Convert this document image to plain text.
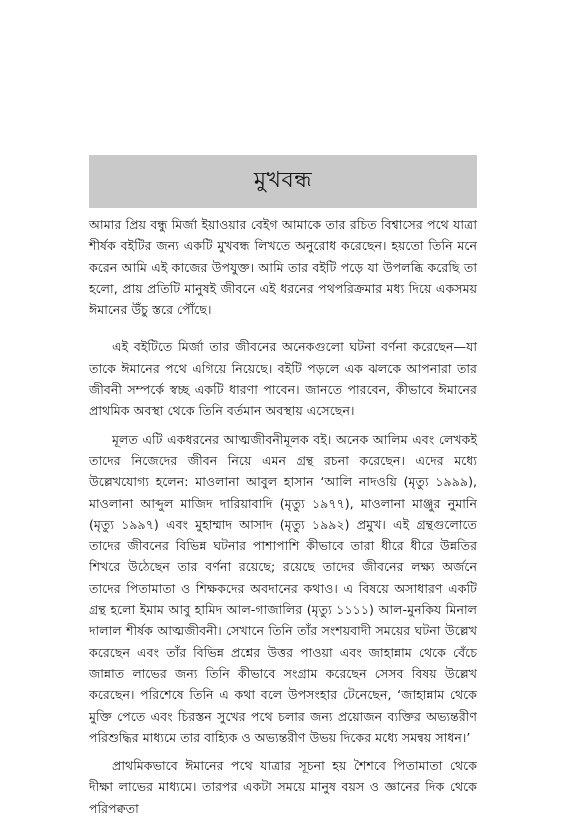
মুখবন্ধ

আমার প্রিয় বন্ধু মির্জা ইয়াওয়ার বেইগ আমাকে তার রচিত বিশ্বাসের পথে যাত্রা শীর্ষক বইটির জন্য একটি মুখবন্ধ লিখতে অনুরোধ করেছেন। হয়তো তিনি মনে করেন আমি এই কাজের উপযুক্ত। আমি তার বইটি পড়ে যা উপলব্ধি করেছি তা হলো, প্রায় প্রতিটি মানুষই জীবনে এই ধরনের পথপরিক্রমার মধ্য দিয়ে একসময় ঈমানের উঁচু স্তরে পৌঁছে।

এই বইটিতে মির্জা তার জীবনের অনেকগুলো ঘটনা বর্ণনা করেছেন—যা তাকে ঈমানের পথে এগিয়ে নিয়েছে। বইটি পড়লে এক ঝলকে আপনারা তার জীবনী সম্পর্কে স্বচ্ছ একটি ধারণা পাবেন। জানতে পারবেন, কীভাবে ঈমানের প্রাথমিক অবস্থা থেকে তিনি বর্তমান অবস্থায় এসেছেন।

মূলত এটি একধরনের আত্মজীবনীমূলক বই। অনেক আলিম এবং লেখকই তাদের নিজেদের জীবন নিয়ে এমন গ্রন্থ রচনা করেছেন। এদের মধ্যে উল্লেখযোগ্য হলেন: মাওলানা আবুল হাসান ‘আলি নাদওয়ি (মৃত্যু ১৯৯৯), মাওলানা আব্দুল মাজিদ দারিয়াবাদি (মৃত্যু ১৯৭৭), মাওলানা মাঞ্জুর নুমানি (মৃত্যু ১৯৯৭) এবং মুহাম্মাদ আসাদ (মৃত্যু ১৯৯২) প্রমুখ। এই গ্রন্থগুলোতে তাদের জীবনের বিভিন্ন ঘটনার পাশাপাশি কীভাবে তারা ধীরে ধীরে উন্নতির শিখরে উঠেছেন তার বর্ণনা রয়েছে; রয়েছে তাদের জীবনের লক্ষ্য অর্জনে তাদের পিতামাতা ও শিক্ষকদের অবদানের কথাও। এ বিষয়ে অসাধারণ একটি গ্রন্থ হলো ইমাম আবু হামিদ আল-গাজালির (মৃত্যু ১১১১) আল-মুনকিয মিনাল দালাল শীর্ষক আত্মজীবনী। সেখানে তিনি তাঁর সংশয়বাদী সময়ের ঘটনা উল্লেখ করেছেন এবং তাঁর বিভিন্ন প্রশ্নের উত্তর পাওয়া এবং জাহান্নাম থেকে বেঁচে জান্নাত লাভের জন্য তিনি কীভাবে সংগ্রাম করেছেন সেসব বিষয় উল্লেখ করেছেন। পরিশেষে তিনি এ কথা বলে উপসংহার টেনেছেন, ‘জাহান্নাম থেকে মুক্তি পেতে এবং চিরস্তন সুখের পথে চলার জন্য প্রয়োজন ব্যক্তির অভ্যন্তরীণ পরিশুদ্ধির মাধ্যমে তার বাহ্যিক ও অভ্যন্তরীণ উভয় দিকের মধ্যে সমন্বয় সাধন।’

প্রাথমিকভাবে ঈমানের পথে যাত্রার সূচনা হয় শৈশবে পিতামাতা থেকে দীক্ষা লাভের মাধ্যমে। তারপর একটা সময়ে মানুষ বয়স ও জ্ঞানের দিক থেকে পরিপক্বতা
